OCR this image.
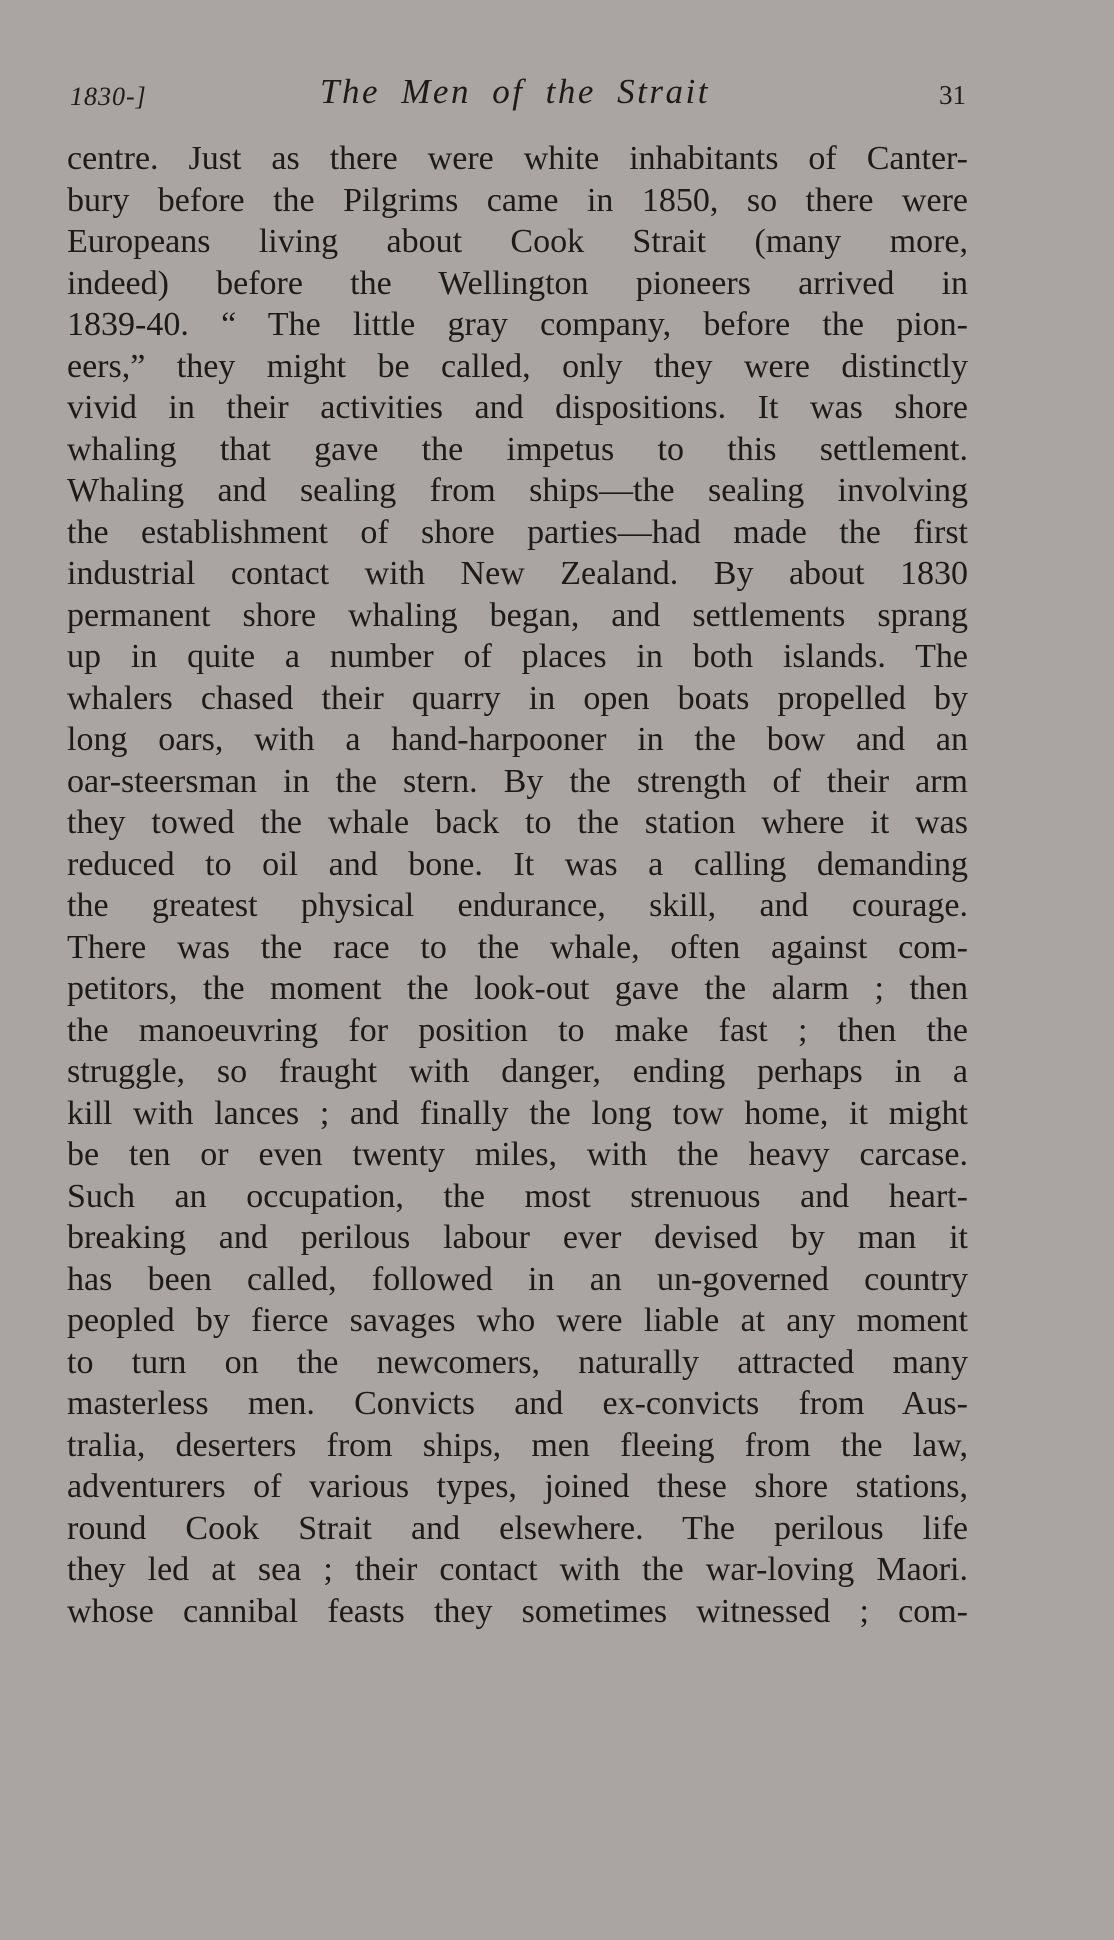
1830-]	The Men of the Strait	31
centre. Just as there were white inhabitants of Canter-
bury before the Pilgrims came in 1850, so there were
Europeans living about Cook Strait (many more,
indeed) before the Wellington pioneers arrived in
1839-40. “ The little gray company, before the pion-
eers,” they might be called, only they were distinctly
vivid in their activities and dispositions. It was shore
whaling that gave the impetus to this settlement.
Whaling and sealing from ships—the sealing involving
the establishment of shore parties—had made the first
industrial contact with New Zealand. By about 1830
permanent shore whaling began, and settlements sprang
up in quite a number of places in both islands. The
whalers chased their quarry in open boats propelled by
long oars, with a hand-harpooner in the bow and an
oar-steersman in the stern. By the strength of their arm
they towed the whale back to the station where it was
reduced to oil and bone. It was a calling demanding
the greatest physical endurance, skill, and courage.
There was the race to the whale, often against com-
petitors, the moment the look-out gave the alarm ; then
the manoeuvring for position to make fast ; then the
struggle, so fraught with danger, ending perhaps in a
kill with lances ; and finally the long tow home, it might
be ten or even twenty miles, with the heavy carcase.
Such an occupation, the most strenuous and heart-
breaking and perilous labour ever devised by man it
has been called, followed in an un-governed country
peopled by fierce savages who were liable at any moment
to turn on the newcomers, naturally attracted many
masterless men. Convicts and ex-convicts from Aus-
tralia, deserters from ships, men fleeing from the law,
adventurers of various types, joined these shore stations,
round Cook Strait and elsewhere. The perilous life
they led at sea ; their contact with the war-loving Maori.
whose cannibal feasts they sometimes witnessed ; com-
